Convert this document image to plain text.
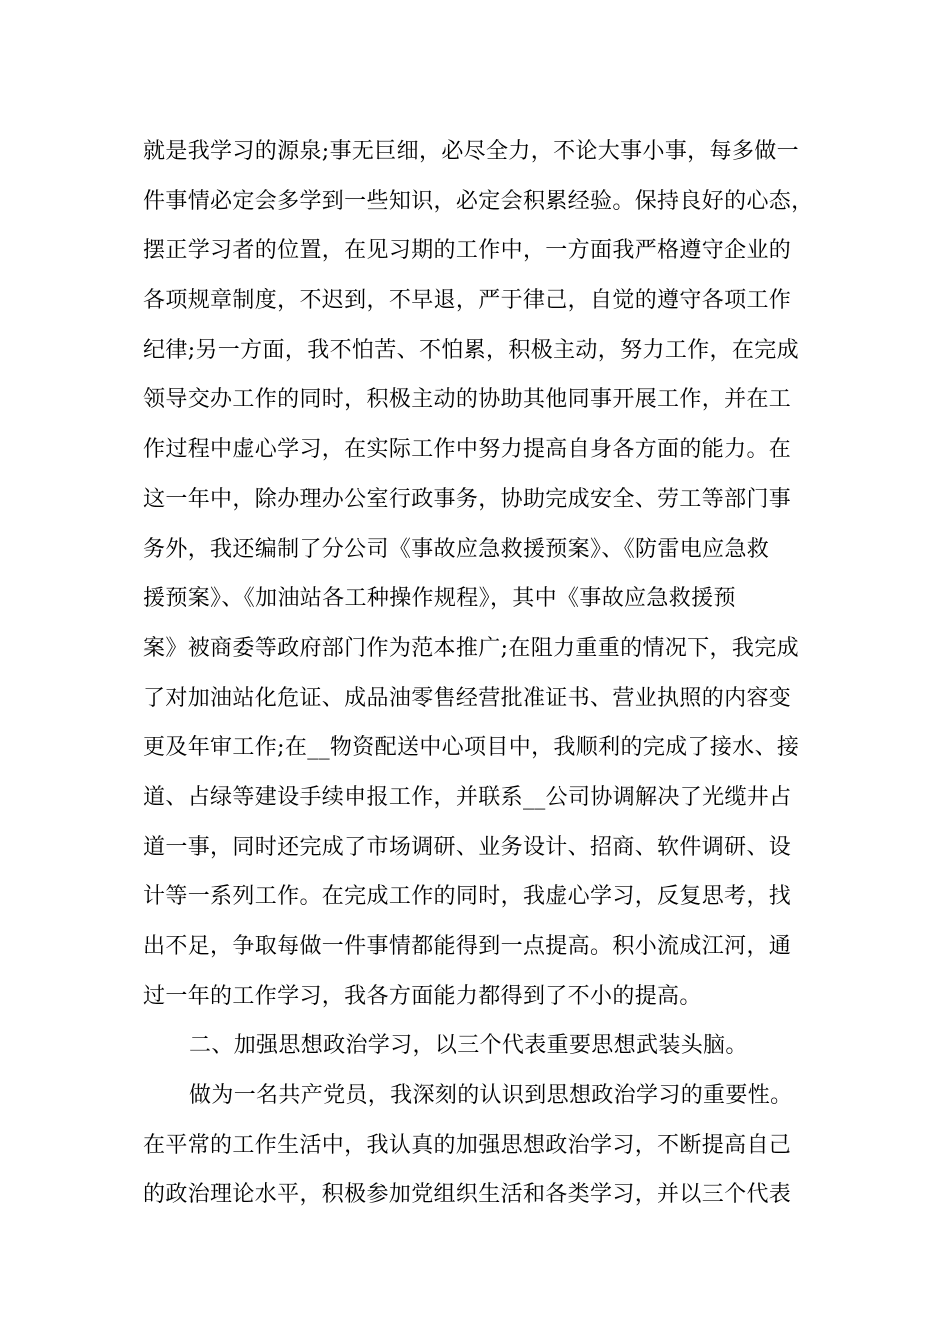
就是我学习的源泉;事无巨细，必尽全力，不论大事小事，每多做一
件事情必定会多学到一些知识，必定会积累经验。保持良好的心态，
摆正学习者的位置，在见习期的工作中，一方面我严格遵守企业的
各项规章制度，不迟到，不早退，严于律己，自觉的遵守各项工作
纪律;另一方面，我不怕苦、不怕累，积极主动，努力工作，在完成
领导交办工作的同时，积极主动的协助其他同事开展工作，并在工
作过程中虚心学习，在实际工作中努力提高自身各方面的能力。在
这一年中，除办理办公室行政事务，协助完成安全、劳工等部门事
务外，我还编制了分公司《事故应急救援预案》、《防雷电应急救
援预案》、《加油站各工种操作规程》，其中《事故应急救援预
案》被商委等政府部门作为范本推广;在阻力重重的情况下，我完成
了对加油站化危证、成品油零售经营批准证书、营业执照的内容变
更及年审工作;在__物资配送中心项目中，我顺利的完成了接水、接
道、占绿等建设手续申报工作，并联系__公司协调解决了光缆井占
道一事，同时还完成了市场调研、业务设计、招商、软件调研、设
计等一系列工作。在完成工作的同时，我虚心学习，反复思考，找
出不足，争取每做一件事情都能得到一点提高。积小流成江河，通
过一年的工作学习，我各方面能力都得到了不小的提高。
二、加强思想政治学习，以三个代表重要思想武装头脑。
做为一名共产党员，我深刻的认识到思想政治学习的重要性。
在平常的工作生活中，我认真的加强思想政治学习，不断提高自己
的政治理论水平，积极参加党组织生活和各类学习，并以三个代表
